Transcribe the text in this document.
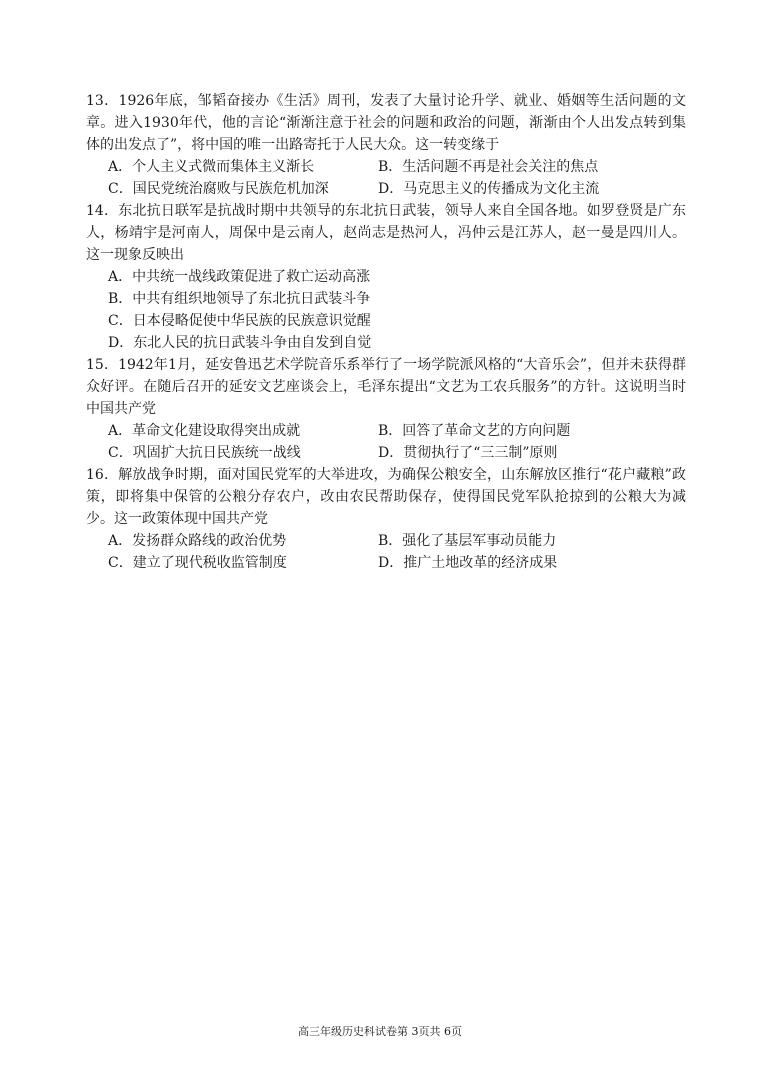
13．1926年底，邹韬奋接办《生活》周刊，发表了大量讨论升学、就业、婚姻等生活问题的文章。进入1930年代，他的言论“渐渐注意于社会的问题和政治的问题，渐渐由个人出发点转到集体的出发点了”，将中国的唯一出路寄托于人民大众。这一转变缘于

A．个人主义式微而集体主义渐长	B．生活问题不再是社会关注的焦点
C．国民党统治腐败与民族危机加深	D．马克思主义的传播成为文化主流

14．东北抗日联军是抗战时期中共领导的东北抗日武装，领导人来自全国各地。如罗登贤是广东人，杨靖宇是河南人，周保中是云南人，赵尚志是热河人，冯仲云是江苏人，赵一曼是四川人。这一现象反映出

A．中共统一战线政策促进了救亡运动高涨
B．中共有组织地领导了东北抗日武装斗争
C．日本侵略促使中华民族的民族意识觉醒
D．东北人民的抗日武装斗争由自发到自觉

15．1942年1月，延安鲁迅艺术学院音乐系举行了一场学院派风格的“大音乐会”，但并未获得群众好评。在随后召开的延安文艺座谈会上，毛泽东提出“文艺为工农兵服务”的方针。这说明当时中国共产党

A．革命文化建设取得突出成就	B．回答了革命文艺的方向问题
C．巩固扩大抗日民族统一战线	D．贯彻执行了“三三制”原则

16．解放战争时期，面对国民党军的大举进攻，为确保公粮安全，山东解放区推行“花户藏粮”政策，即将集中保管的公粮分存农户，改由农民帮助保存，使得国民党军队抢掠到的公粮大为减少。这一政策体现中国共产党

A．发扬群众路线的政治优势	B．强化了基层军事动员能力
C．建立了现代税收监管制度	D．推广土地改革的经济成果
高三年级历史科试卷第 3页共 6页
